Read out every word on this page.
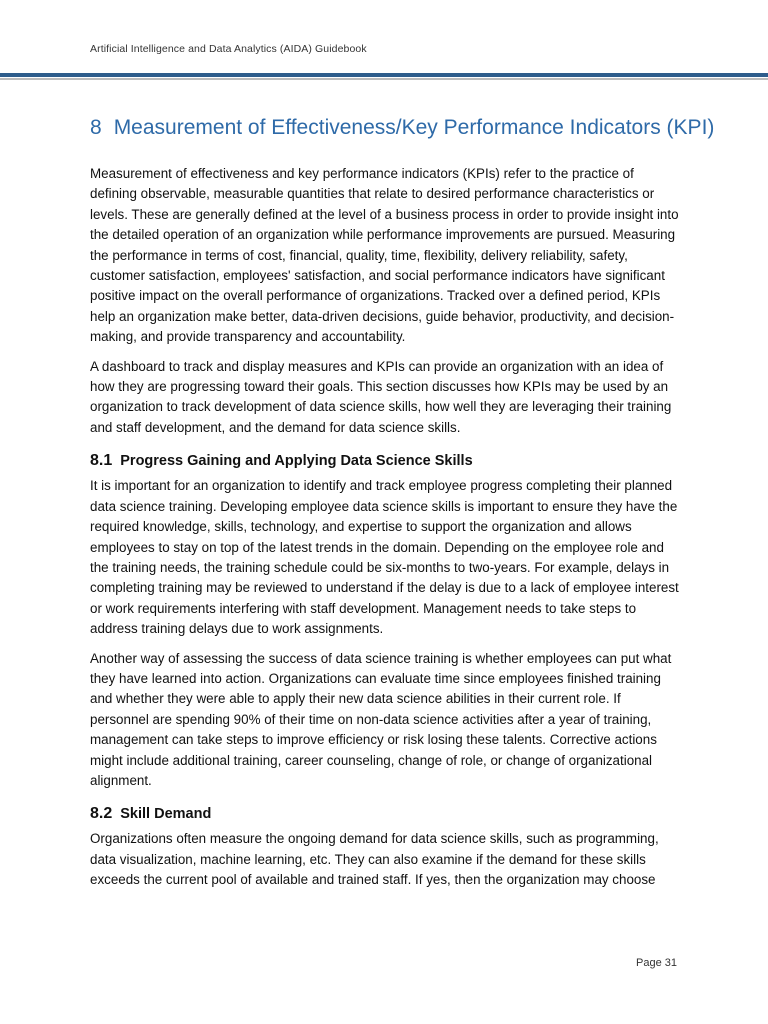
Artificial Intelligence and Data Analytics (AIDA) Guidebook
8 Measurement of Effectiveness/Key Performance Indicators (KPI)

Measurement of effectiveness and key performance indicators (KPIs) refer to the practice of defining observable, measurable quantities that relate to desired performance characteristics or levels. These are generally defined at the level of a business process in order to provide insight into the detailed operation of an organization while performance improvements are pursued. Measuring the performance in terms of cost, financial, quality, time, flexibility, delivery reliability, safety, customer satisfaction, employees' satisfaction, and social performance indicators have significant positive impact on the overall performance of organizations. Tracked over a defined period, KPIs help an organization make better, data-driven decisions, guide behavior, productivity, and decision-making, and provide transparency and accountability.

A dashboard to track and display measures and KPIs can provide an organization with an idea of how they are progressing toward their goals. This section discusses how KPIs may be used by an organization to track development of data science skills, how well they are leveraging their training and staff development, and the demand for data science skills.

8.1 Progress Gaining and Applying Data Science Skills

It is important for an organization to identify and track employee progress completing their planned data science training. Developing employee data science skills is important to ensure they have the required knowledge, skills, technology, and expertise to support the organization and allows employees to stay on top of the latest trends in the domain. Depending on the employee role and the training needs, the training schedule could be six-months to two-years. For example, delays in completing training may be reviewed to understand if the delay is due to a lack of employee interest or work requirements interfering with staff development. Management needs to take steps to address training delays due to work assignments.

Another way of assessing the success of data science training is whether employees can put what they have learned into action. Organizations can evaluate time since employees finished training and whether they were able to apply their new data science abilities in their current role. If personnel are spending 90% of their time on non-data science activities after a year of training, management can take steps to improve efficiency or risk losing these talents. Corrective actions might include additional training, career counseling, change of role, or change of organizational alignment.

8.2 Skill Demand

Organizations often measure the ongoing demand for data science skills, such as programming, data visualization, machine learning, etc. They can also examine if the demand for these skills exceeds the current pool of available and trained staff. If yes, then the organization may choose

Page 31
